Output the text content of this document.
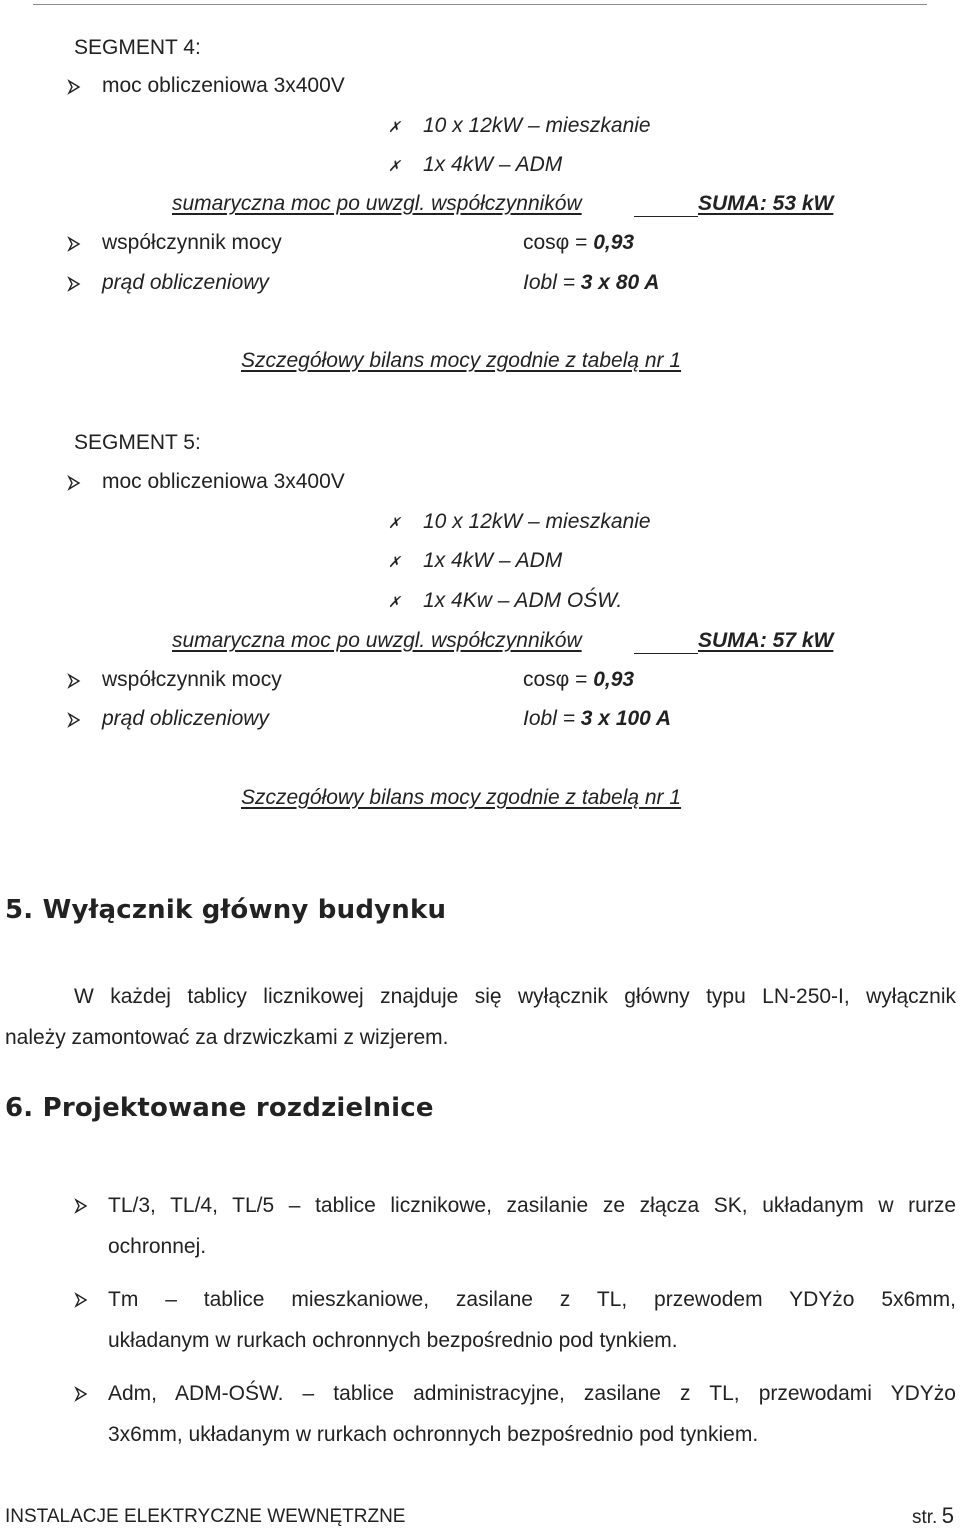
SEGMENT 4:
moc obliczeniowa 3x400V
✗ 10 x 12kW – mieszkanie
✗ 1x 4kW – ADM
sumaryczna moc po uwzgl. współczynników	SUMA: 53 kW
współczynnik mocy	cosφ = 0,93
prąd obliczeniowy	Iobl = 3 x 80 A
Szczegółowy bilans mocy zgodnie z tabelą nr 1
SEGMENT 5:
moc obliczeniowa 3x400V
✗ 10 x 12kW – mieszkanie
✗ 1x 4kW – ADM
✗ 1x 4Kw – ADM OŚW.
sumaryczna moc po uwzgl. współczynników	SUMA: 57 kW
współczynnik mocy	cosφ = 0,93
prąd obliczeniowy	Iobl = 3 x 100 A
Szczegółowy bilans mocy zgodnie z tabelą nr 1
5. Wyłącznik główny budynku
W każdej tablicy licznikowej znajduje się wyłącznik główny typu LN-250-I, wyłącznik
należy zamontować za drzwiczkami z wizjerem.
6. Projektowane rozdzielnice
TL/3, TL/4, TL/5 – tablice licznikowe, zasilanie ze złącza SK, układanym w rurze
ochronnej.
Tm – tablice mieszkaniowe, zasilane z TL, przewodem YDYżo 5x6mm,
układanym w rurkach ochronnych bezpośrednio pod tynkiem.
Adm, ADM-OŚW. – tablice administracyjne, zasilane z TL, przewodami YDYżo
3x6mm, układanym w rurkach ochronnych bezpośrednio pod tynkiem.
INSTALACJE ELEKTRYCZNE WEWNĘTRZNE	str. 5
